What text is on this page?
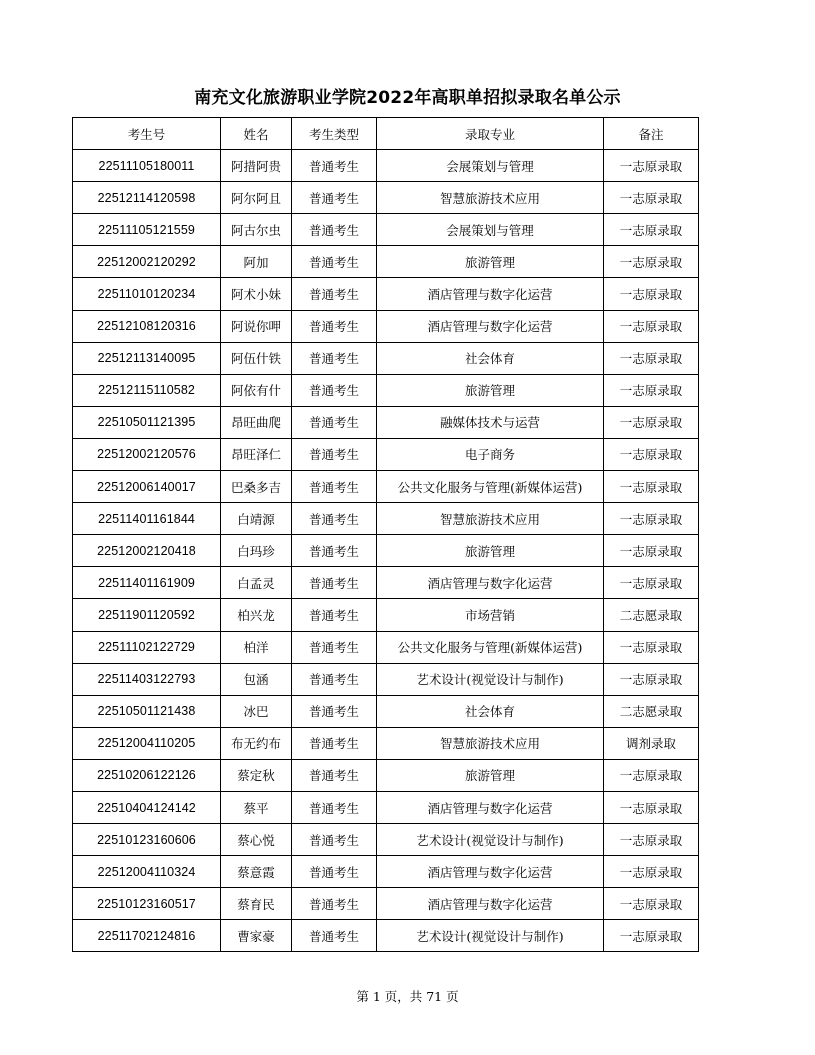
南充文化旅游职业学院2022年高职单招拟录取名单公示
考生号	姓名	考生类型	录取专业	备注
22511105180011	阿措阿贵	普通考生	会展策划与管理	一志原录取
22512114120598	阿尔阿且	普通考生	智慧旅游技术应用	一志原录取
22511105121559	阿古尔虫	普通考生	会展策划与管理	一志原录取
22512002120292	阿加	普通考生	旅游管理	一志原录取
22511010120234	阿术小妹	普通考生	酒店管理与数字化运营	一志原录取
22512108120316	阿说你呷	普通考生	酒店管理与数字化运营	一志原录取
22512113140095	阿伍什铁	普通考生	社会体育	一志原录取
22512115110582	阿依有什	普通考生	旅游管理	一志原录取
22510501121395	昂旺曲爬	普通考生	融媒体技术与运营	一志原录取
22512002120576	昂旺泽仁	普通考生	电子商务	一志原录取
22512006140017	巴桑多吉	普通考生	公共文化服务与管理(新媒体运营)	一志原录取
22511401161844	白靖源	普通考生	智慧旅游技术应用	一志原录取
22512002120418	白玛珍	普通考生	旅游管理	一志原录取
22511401161909	白孟灵	普通考生	酒店管理与数字化运营	一志原录取
22511901120592	柏兴龙	普通考生	市场营销	二志愿录取
22511102122729	柏洋	普通考生	公共文化服务与管理(新媒体运营)	一志原录取
22511403122793	包涵	普通考生	艺术设计(视觉设计与制作)	一志原录取
22510501121438	冰巴	普通考生	社会体育	二志愿录取
22512004110205	布无约布	普通考生	智慧旅游技术应用	调剂录取
22510206122126	蔡定秋	普通考生	旅游管理	一志原录取
22510404124142	蔡平	普通考生	酒店管理与数字化运营	一志原录取
22510123160606	蔡心悦	普通考生	艺术设计(视觉设计与制作)	一志原录取
22512004110324	蔡意霞	普通考生	酒店管理与数字化运营	一志原录取
22510123160517	蔡育民	普通考生	酒店管理与数字化运营	一志原录取
22511702124816	曹家豪	普通考生	艺术设计(视觉设计与制作)	一志原录取
第 1 页，共 71 页
